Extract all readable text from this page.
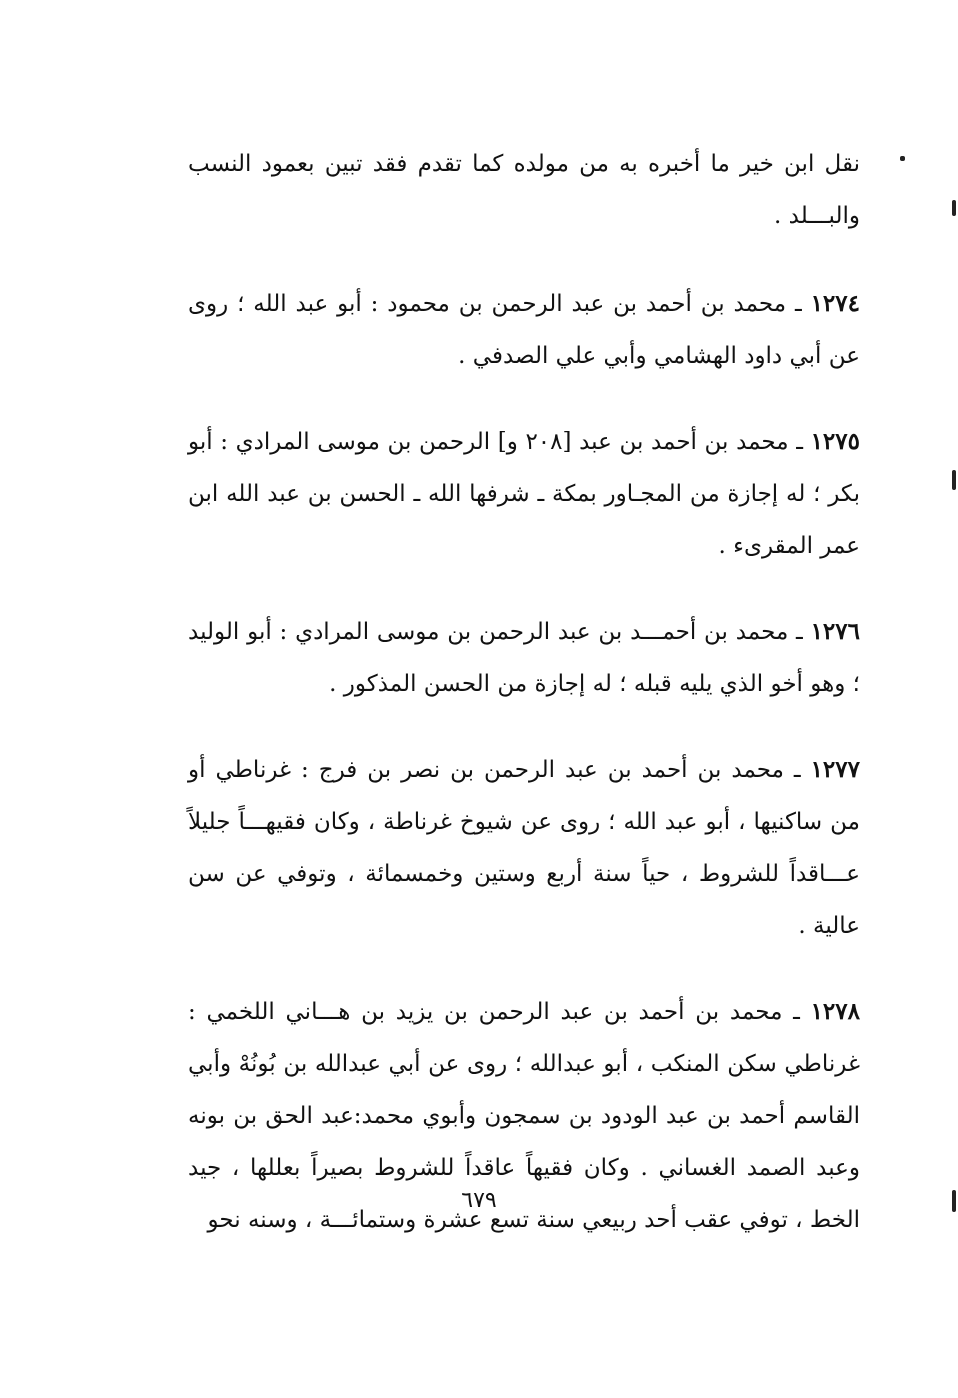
نقل ابن خير ما أخبره به من مولده كما تقدم فقد تبين بعمود النسب والبـــلد .

١٢٧٤ ـ محمد بن أحمد بن عبد الرحمن بن محمود : أبو عبد الله ؛ روى عن أبي داود الهشامي وأبي علي الصدفي .

١٢٧٥ ـ محمد بن أحمد بن عبد [٢٠٨ و] الرحمن بن موسى المرادي : أبو بكر ؛ له إجازة من المجـاور بمكة ـ شرفها الله ـ الحسن بن عبد الله ابن عمر المقرىء .

١٢٧٦ ـ محمد بن أحمـــد بن عبد الرحمن بن موسى المرادي : أبو الوليد ؛ وهو أخو الذي يليه قبله ؛ له إجازة من الحسن المذكور .

١٢٧٧ ـ محمد بن أحمد بن عبد الرحمن بن نصر بن فرج : غرناطي أو من ساكنيها ، أبو عبد الله ؛ روى عن شيوخ غرناطة ، وكان فقيهـــاً جليلاً عـــاقداً للشروط ، حياً سنة أربع وستين وخمسمائة ، وتوفي عن سن عالية .

١٢٧٨ ـ محمد بن أحمد بن عبد الرحمن بن يزيد بن هـــاني اللخمي : غرناطي سكن المنكب ، أبو عبدالله ؛ روى عن أبي عبدالله بن بُونُهْ وأبي القاسم أحمد بن عبد الودود بن سمجون وأبوي محمد:عبد الحق بن بونه وعبد الصمد الغساني . وكان فقيهاً عاقداً للشروط بصيراً بعللها ، جيد الخط ، توفي عقب أحد ربيعي سنة تسع عشرة وستمائـــة ، وسنه نحو

٦٧٩
